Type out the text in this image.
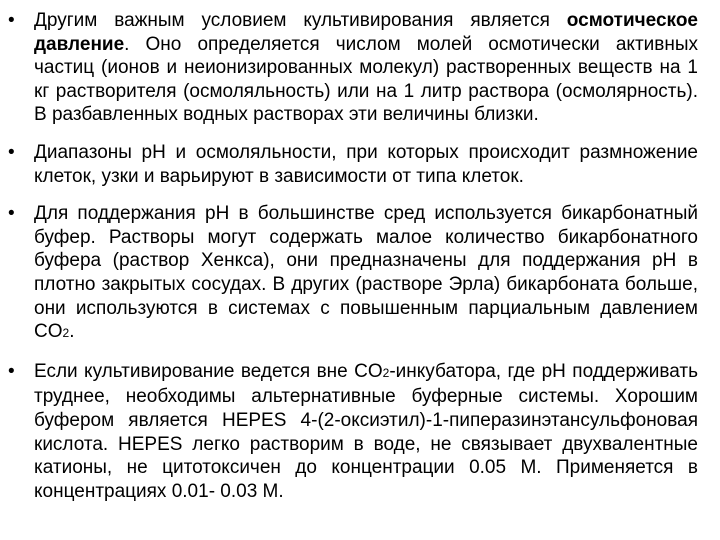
• Другим важным условием культивирования является осмотическое давление. Оно определяется числом молей осмотически активных частиц (ионов и неионизированных молекул) растворенных веществ на 1 кг растворителя (осмоляльность) или на 1 литр раствора (осмолярность). В разбавленных водных растворах эти величины близки.
• Диапазоны pH и осмоляльности, при которых происходит размножение клеток, узки и варьируют в зависимости от типа клеток.
• Для поддержания pH в большинстве сред используется бикарбонатный буфер. Растворы могут содержать малое количество бикарбонатного буфера (раствор Хенкса), они предназначены для поддержания pH в плотно закрытых сосудах. В других (растворе Эрла) бикарбоната больше, они используются в системах с повышенным парциальным давлением CO2.
• Если культивирование ведется вне CO2-инкубатора, где pH поддерживать труднее, необходимы альтернативные буферные системы. Хорошим буфером является HEPES 4-(2-оксиэтил)-1-пиперазинэтансульфоновая кислота. HEPES легко растворим в воде, не связывает двухвалентные катионы, не цитотоксичен до концентрации 0.05 М. Применяется в концентрациях 0.01- 0.03 М.
